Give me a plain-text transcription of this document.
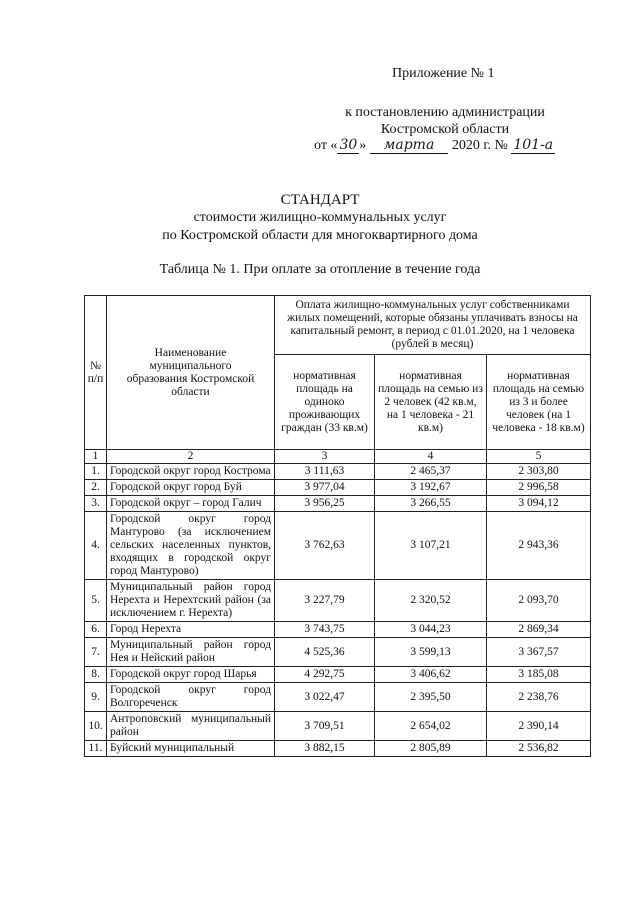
Приложение № 1
к постановлению администрации
Костромской области
от « 30 » марта 2020 г. № 101-а
СТАНДАРТ
стоимости жилищно-коммунальных услуг
по Костромской области для многоквартирного дома
Таблица № 1. При оплате за отопление в течение года
№ п/п	Наименование муниципального образования Костромской области	Оплата жилищно-коммунальных услуг собственниками жилых помещений, которые обязаны уплачивать взносы на капитальный ремонт, в период с 01.01.2020, на 1 человека (рублей в месяц)		
		нормативная площадь на одиноко проживающих граждан (33 кв.м)	нормативная площадь на семью из 2 человек (42 кв.м, на 1 человека - 21 кв.м)	нормативная площадь на семью из 3 и более человек (на 1 человека - 18 кв.м)
1	2	3	4	5
1.	Городской округ город Кострома	3 111,63	2 465,37	2 303,80
2.	Городской округ город Буй	3 977,04	3 192,67	2 996,58
3.	Городской округ – город Галич	3 956,25	3 266,55	3 094,12
4.	Городской округ город Мантурово (за исключением сельских населенных пунктов, входящих в городской округ город Мантурово)	3 762,63	3 107,21	2 943,36
5.	Муниципальный район город Нерехта и Нерехтский район (за исключением г. Нерехта)	3 227,79	2 320,52	2 093,70
6.	Город Нерехта	3 743,75	3 044,23	2 869,34
7.	Муниципальный район город Нея и Нейский район	4 525,36	3 599,13	3 367,57
8.	Городской округ город Шарья	4 292,75	3 406,62	3 185,08
9.	Городской округ город Волгореченск	3 022,47	2 395,50	2 238,76
10.	Антроповский муниципальный район	3 709,51	2 654,02	2 390,14
11.	Буйский муниципальный	3 882,15	2 805,89	2 536,82
